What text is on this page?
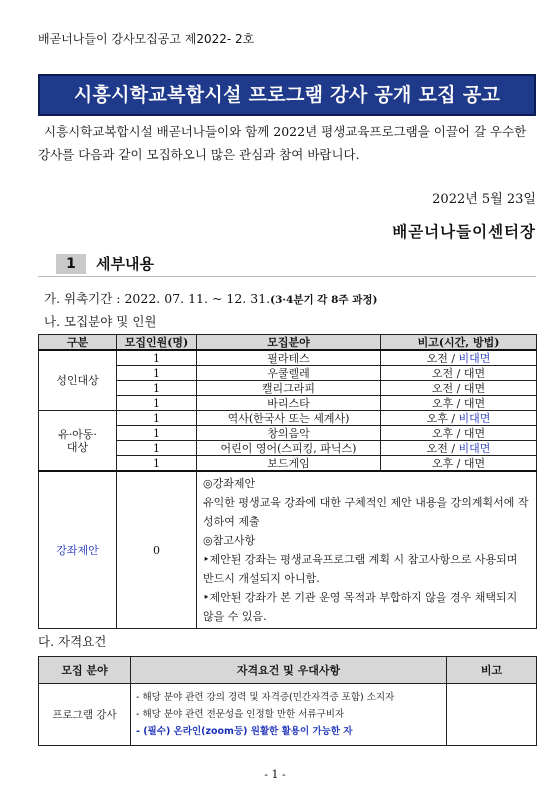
배곧너나들이 강사모집공고 제2022- 2호
시흥시학교복합시설 프로그램 강사 공개 모집 공고
시흥시학교복합시설 배곧너나들이와 함께 2022년 평생교육프로그램을 이끌어 갈 우수한 강사를 다음과 같이 모집하오니 많은 관심과 참여 바랍니다.
2022년 5월 23일
배곧너나들이센터장
1	세부내용
가. 위촉기간 : 2022. 07. 11. ~ 12. 31.(3·4분기 각 8주 과정)
나. 모집분야 및 인원
구분	모집인원(명)	모집분야	비고(시간, 방법)
성인대상	1	필라테스	오전 / 비대면
	1	우쿨렐레	오전 / 대면
	1	캘리그라피	오전 / 대면
	1	바리스타	오후 / 대면
유·아동·
대상	1	역사(한국사 또는 세계사)	오후 / 비대면
	1	창의음악	오후 / 대면
	1	어린이 영어(스피킹, 파닉스)	오전 / 비대면
	1	보드게임	오후 / 대면
강좌제안	0	◎강좌제안
유익한 평생교육 강좌에 대한 구체적인 제안 내용을 강의계획서에 작성하여 제출
◎참고사항
‣제안된 강좌는 평생교육프로그램 계획 시 참고사항으로 사용되며 반드시 개설되지 아니함.
‣제안된 강좌가 본 기관 운영 목적과 부합하지 않을 경우 채택되지 않을 수 있음.	
다. 자격요건
모집 분야	자격요건 및 우대사항	비고
프로그램 강사	- 해당 분야 관련 강의 경력 및 자격증(민간자격증 포함) 소지자
- 해당 분야 관련 전문성을 인정할 만한 서류구비자
- (필수) 온라인(zoom등) 원활한 활용이 가능한 자	

- 1 -
